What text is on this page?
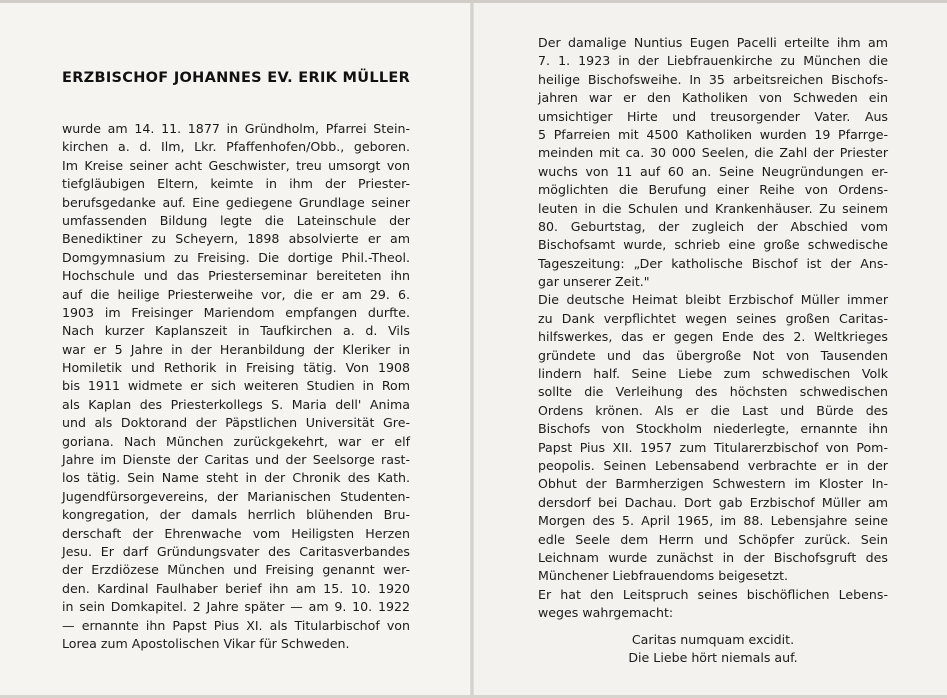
ERZBISCHOF JOHANNES EV. ERIK MÜLLER
wurde am 14. 11. 1877 in Gründholm, Pfarrei Stein-
kirchen a. d. Ilm, Lkr. Pfaffenhofen/Obb., geboren.
Im Kreise seiner acht Geschwister, treu umsorgt von
tiefgläubigen Eltern, keimte in ihm der Priester-
berufsgedanke auf. Eine gediegene Grundlage seiner
umfassenden Bildung legte die Lateinschule der
Benediktiner zu Scheyern, 1898 absolvierte er am
Domgymnasium zu Freising. Die dortige Phil.-Theol.
Hochschule und das Priesterseminar bereiteten ihn
auf die heilige Priesterweihe vor, die er am 29. 6.
1903 im Freisinger Mariendom empfangen durfte.
Nach kurzer Kaplanszeit in Taufkirchen a. d. Vils
war er 5 Jahre in der Heranbildung der Kleriker in
Homiletik und Rethorik in Freising tätig. Von 1908
bis 1911 widmete er sich weiteren Studien in Rom
als Kaplan des Priesterkollegs S. Maria dell' Anima
und als Doktorand der Päpstlichen Universität Gre-
goriana. Nach München zurückgekehrt, war er elf
Jahre im Dienste der Caritas und der Seelsorge rast-
los tätig. Sein Name steht in der Chronik des Kath.
Jugendfürsorgevereins, der Marianischen Studenten-
kongregation, der damals herrlich blühenden Bru-
derschaft der Ehrenwache vom Heiligsten Herzen
Jesu. Er darf Gründungsvater des Caritasverbandes
der Erzdiözese München und Freising genannt wer-
den. Kardinal Faulhaber berief ihn am 15. 10. 1920
in sein Domkapitel. 2 Jahre später — am 9. 10. 1922
— ernannte ihn Papst Pius XI. als Titularbischof von
Lorea zum Apostolischen Vikar für Schweden.
Der damalige Nuntius Eugen Pacelli erteilte ihm am
7. 1. 1923 in der Liebfrauenkirche zu München die
heilige Bischofsweihe. In 35 arbeitsreichen Bischofs-
jahren war er den Katholiken von Schweden ein
umsichtiger Hirte und treusorgender Vater. Aus
5 Pfarreien mit 4500 Katholiken wurden 19 Pfarrge-
meinden mit ca. 30 000 Seelen, die Zahl der Priester
wuchs von 11 auf 60 an. Seine Neugründungen er-
möglichten die Berufung einer Reihe von Ordens-
leuten in die Schulen und Krankenhäuser. Zu seinem
80. Geburtstag, der zugleich der Abschied vom
Bischofsamt wurde, schrieb eine große schwedische
Tageszeitung: „Der katholische Bischof ist der Ans-
gar unserer Zeit."
Die deutsche Heimat bleibt Erzbischof Müller immer
zu Dank verpflichtet wegen seines großen Caritas-
hilfswerkes, das er gegen Ende des 2. Weltkrieges
gründete und das übergroße Not von Tausenden
lindern half. Seine Liebe zum schwedischen Volk
sollte die Verleihung des höchsten schwedischen
Ordens krönen. Als er die Last und Bürde des
Bischofs von Stockholm niederlegte, ernannte ihn
Papst Pius XII. 1957 zum Titularerzbischof von Pom-
peopolis. Seinen Lebensabend verbrachte er in der
Obhut der Barmherzigen Schwestern im Kloster In-
dersdorf bei Dachau. Dort gab Erzbischof Müller am
Morgen des 5. April 1965, im 88. Lebensjahre seine
edle Seele dem Herrn und Schöpfer zurück. Sein
Leichnam wurde zunächst in der Bischofsgruft des
Münchener Liebfrauendoms beigesetzt.
Er hat den Leitspruch seines bischöflichen Lebens-
weges wahrgemacht:
Caritas numquam excidit.
Die Liebe hört niemals auf.
